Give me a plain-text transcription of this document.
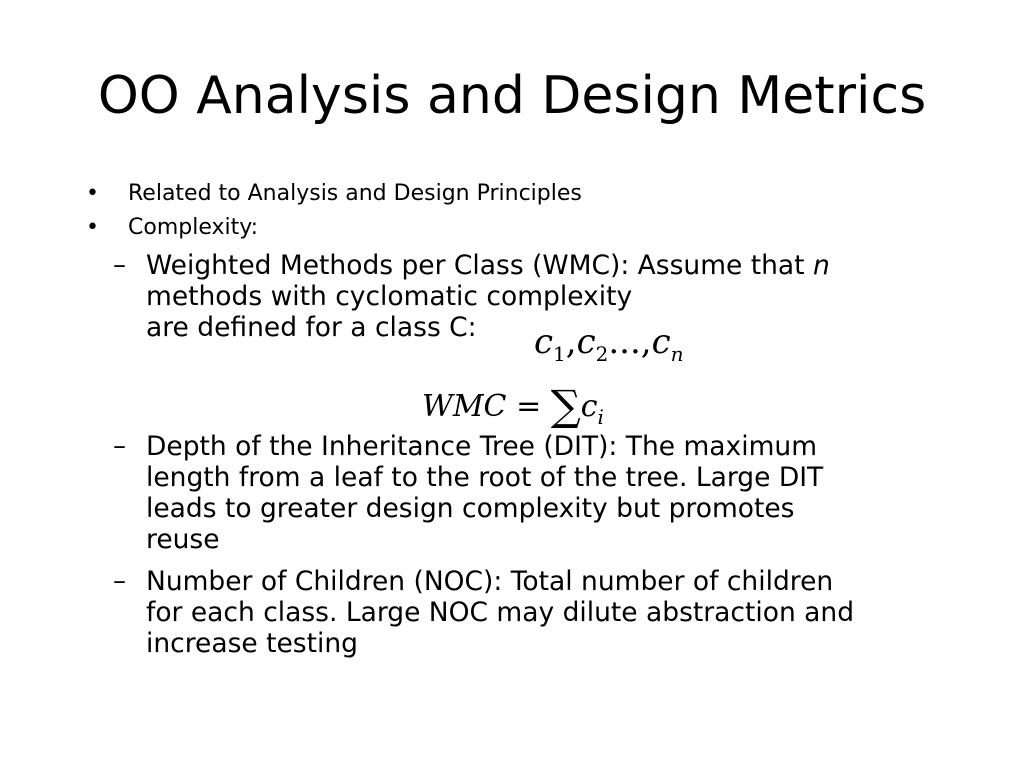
OO Analysis and Design Metrics
• Related to Analysis and Design Principles
• Complexity:
– Weighted Methods per Class (WMC): Assume that n
methods with cyclomatic complexity
are defined for a class C:	$c_1,c_2...,c_n$
WMC = $\sum c_i$
– Depth of the Inheritance Tree (DIT): The maximum
length from a leaf to the root of the tree. Large DIT
leads to greater design complexity but promotes
reuse
– Number of Children (NOC): Total number of children
for each class. Large NOC may dilute abstraction and
increase testing
